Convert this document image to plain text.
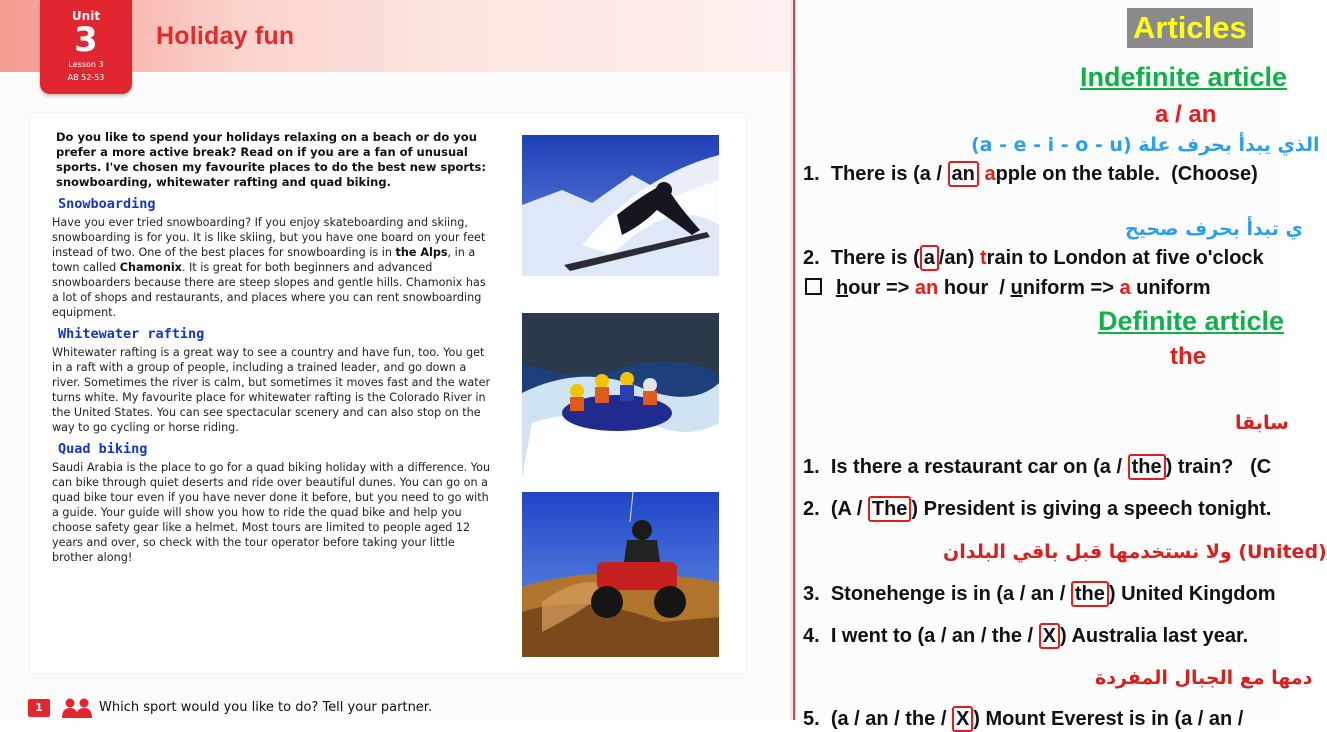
Unit
3
Lesson 3
AB 52-53
Holiday fun

Do you like to spend your holidays relaxing on a beach or do you prefer a more active break? Read on if you are a fan of unusual sports. I've chosen my favourite places to do the best new sports: snowboarding, whitewater rafting and quad biking.

Snowboarding

Have you ever tried snowboarding? If you enjoy skateboarding and skiing, snowboarding is for you. It is like skiing, but you have one board on your feet instead of two. One of the best places for snowboarding is in the Alps, in a town called Chamonix. It is great for both beginners and advanced snowboarders because there are steep slopes and gentle hills. Chamonix has a lot of shops and restaurants, and places where you can rent snowboarding equipment.

Whitewater rafting

Whitewater rafting is a great way to see a country and have fun, too. You get in a raft with a group of people, including a trained leader, and go down a river. Sometimes the river is calm, but sometimes it moves fast and the water turns white. My favourite place for whitewater rafting is the Colorado River in the United States. You can see spectacular scenery and can also stop on the way to go cycling or horse riding.

Quad biking

Saudi Arabia is the place to go for a quad biking holiday with a difference. You can bike through quiet deserts and ride over beautiful dunes. You can go on a quad bike tour even if you have never done it before, but you need to go with a guide. Your guide will show you how to ride the quad bike and help you choose safety gear like a helmet. Most tours are limited to people aged 12 years and over, so check with the tour operator before taking your little brother along!

1	Which sport would you like to do? Tell your partner.
Articles
Indefinite article
a / an
(a - e - i - o - u) الذي يبدأ بحرف علة
1. There is (a / an apple on the table. (Choose)
ي تبدأ بحرف صحيح
2. There is ( a /an) train to London at five o'clock
hour => an hour / uniform => a uniform
Definite article
the
سابقا
1. Is there a restaurant car on (a / the ) train? (C
2. (A / The ) President is giving a speech tonight.
ولا نستخدمها قبل باقي البلدان (United)
3. Stonehenge is in (a / an / the ) United Kingdom
4. I went to (a / an / the / X ) Australia last year.
دمها مع الجبال المفردة
5. (a / an / the / X ) Mount Everest is in (a / an /
